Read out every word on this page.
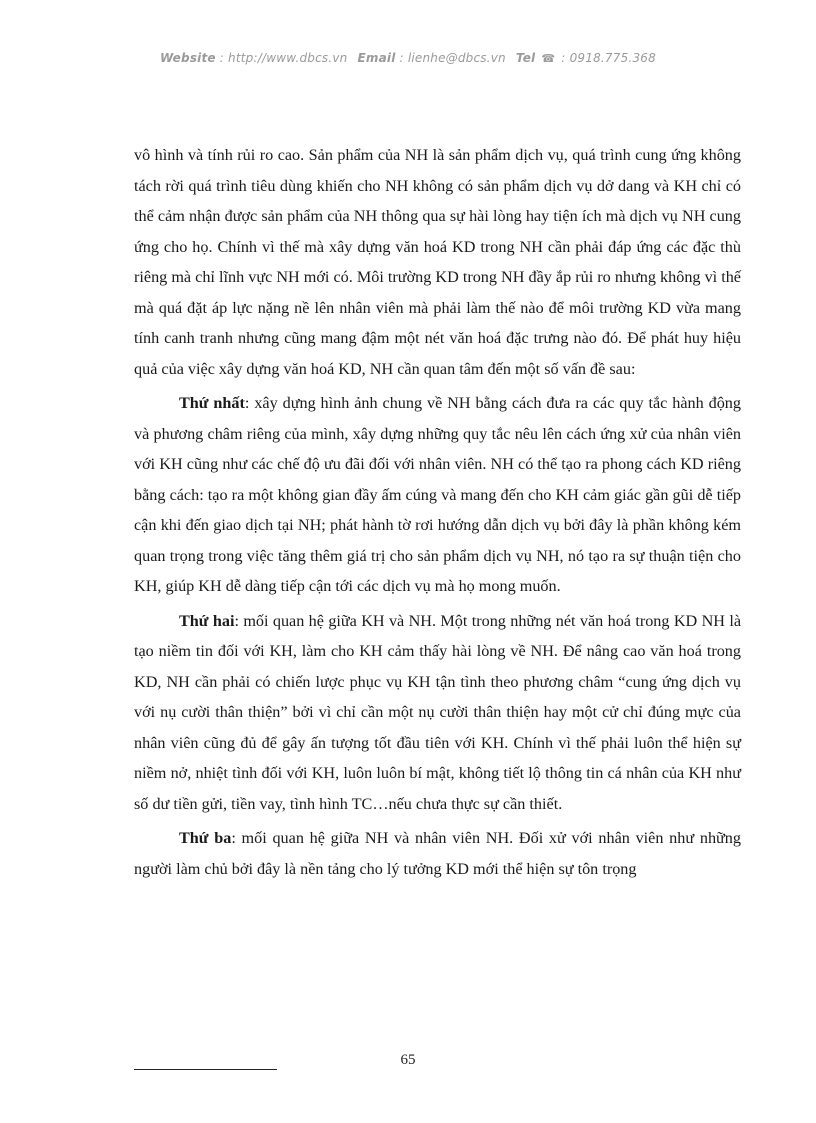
Website : http://www.dbcs.vn Email : lienhe@dbcs.vn Tel ☎ : 0918.775.368

vô hình và tính rủi ro cao. Sản phẩm của NH là sản phẩm dịch vụ, quá trình cung ứng không tách rời quá trình tiêu dùng khiến cho NH không có sản phẩm dịch vụ dở dang và KH chỉ có thể cảm nhận được sản phẩm của NH thông qua sự hài lòng hay tiện ích mà dịch vụ NH cung ứng cho họ. Chính vì thế mà xây dựng văn hoá KD trong NH cần phải đáp ứng các đặc thù riêng mà chỉ lĩnh vực NH mới có. Môi trường KD trong NH đầy ắp rủi ro nhưng không vì thế mà quá đặt áp lực nặng nề lên nhân viên mà phải làm thế nào để môi trường KD vừa mang tính canh tranh nhưng cũng mang đậm một nét văn hoá đặc trưng nào đó. Để phát huy hiệu quả của việc xây dựng văn hoá KD, NH cần quan tâm đến một số vấn đề sau:

Thứ nhất: xây dựng hình ảnh chung về NH bằng cách đưa ra các quy tắc hành động và phương châm riêng của mình, xây dựng những quy tắc nêu lên cách ứng xử của nhân viên với KH cũng như các chế độ ưu đãi đối với nhân viên. NH có thể tạo ra phong cách KD riêng bằng cách: tạo ra một không gian đầy ấm cúng và mang đến cho KH cảm giác gần gũi dễ tiếp cận khi đến giao dịch tại NH; phát hành tờ rơi hướng dẫn dịch vụ bởi đây là phần không kém quan trọng trong việc tăng thêm giá trị cho sản phẩm dịch vụ NH, nó tạo ra sự thuận tiện cho KH, giúp KH dễ dàng tiếp cận tới các dịch vụ mà họ mong muốn.

Thứ hai: mối quan hệ giữa KH và NH. Một trong những nét văn hoá trong KD NH là tạo niềm tin đối với KH, làm cho KH cảm thấy hài lòng về NH. Để nâng cao văn hoá trong KD, NH cần phải có chiến lược phục vụ KH tận tình theo phương châm “cung ứng dịch vụ với nụ cười thân thiện” bởi vì chỉ cần một nụ cười thân thiện hay một cử chỉ đúng mực của nhân viên cũng đủ để gây ấn tượng tốt đầu tiên với KH. Chính vì thế phải luôn thể hiện sự niềm nở, nhiệt tình đối với KH, luôn luôn bí mật, không tiết lộ thông tin cá nhân của KH như số dư tiền gửi, tiền vay, tình hình TC…nếu chưa thực sự cần thiết.

Thứ ba: mối quan hệ giữa NH và nhân viên NH. Đối xử với nhân viên như những người làm chủ bởi đây là nền tảng cho lý tưởng KD mới thể hiện sự tôn trọng

65
